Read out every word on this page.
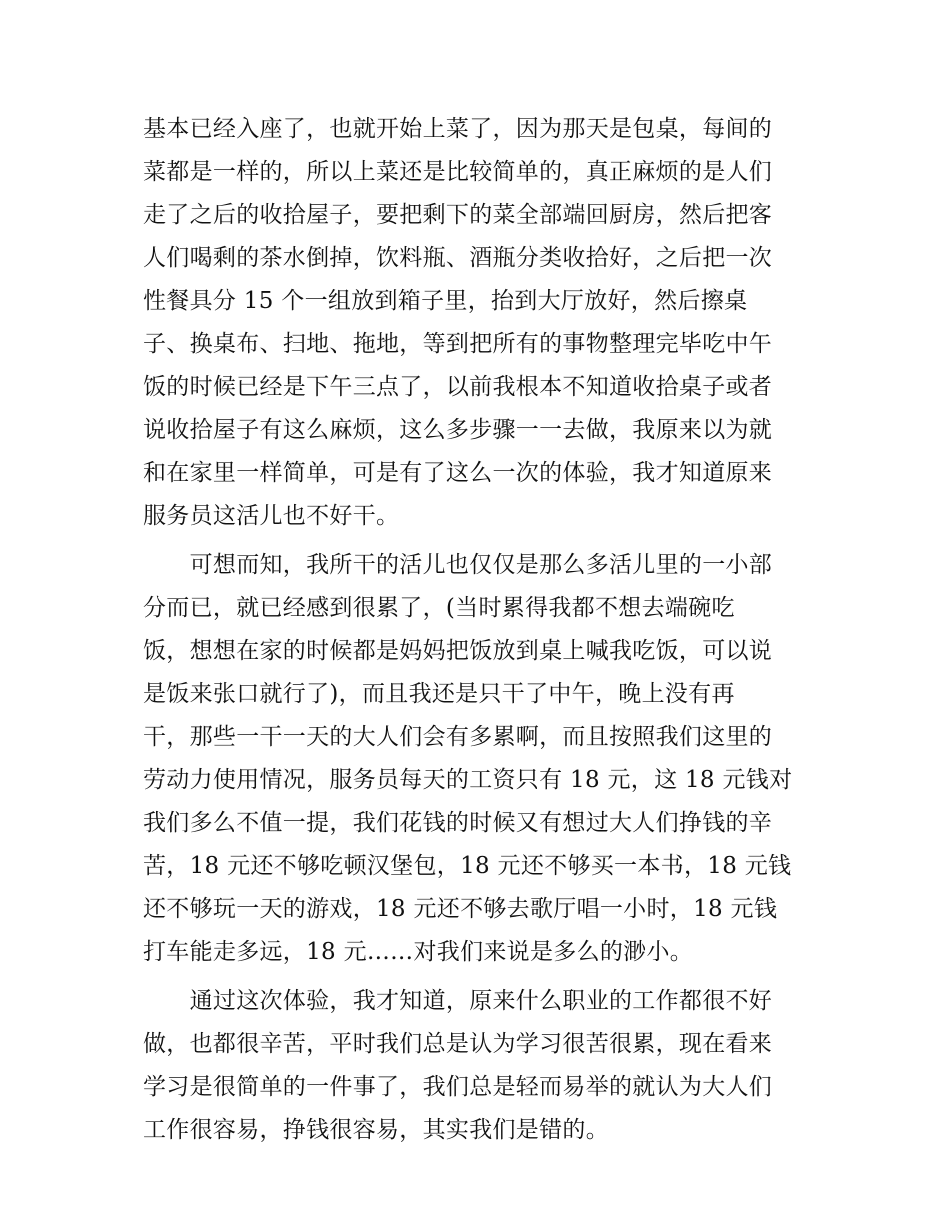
基本已经入座了，也就开始上菜了，因为那天是包桌，每间的
菜都是一样的，所以上菜还是比较简单的，真正麻烦的是人们
走了之后的收拾屋子，要把剩下的菜全部端回厨房，然后把客
人们喝剩的茶水倒掉，饮料瓶、酒瓶分类收拾好，之后把一次
性餐具分 15 个一组放到箱子里，抬到大厅放好，然后擦桌
子、换桌布、扫地、拖地，等到把所有的事物整理完毕吃中午
饭的时候已经是下午三点了，以前我根本不知道收拾桌子或者
说收拾屋子有这么麻烦，这么多步骤一一去做，我原来以为就
和在家里一样简单，可是有了这么一次的体验，我才知道原来
服务员这活儿也不好干。
　　可想而知，我所干的活儿也仅仅是那么多活儿里的一小部
分而已，就已经感到很累了，(当时累得我都不想去端碗吃
饭，想想在家的时候都是妈妈把饭放到桌上喊我吃饭，可以说
是饭来张口就行了)，而且我还是只干了中午，晚上没有再
干，那些一干一天的大人们会有多累啊，而且按照我们这里的
劳动力使用情况，服务员每天的工资只有 18 元，这 18 元钱对
我们多么不值一提，我们花钱的时候又有想过大人们挣钱的辛
苦，18 元还不够吃顿汉堡包，18 元还不够买一本书，18 元钱
还不够玩一天的游戏，18 元还不够去歌厅唱一小时，18 元钱
打车能走多远，18 元……对我们来说是多么的渺小。
　　通过这次体验，我才知道，原来什么职业的工作都很不好
做，也都很辛苦，平时我们总是认为学习很苦很累，现在看来
学习是很简单的一件事了，我们总是轻而易举的就认为大人们
工作很容易，挣钱很容易，其实我们是错的。
